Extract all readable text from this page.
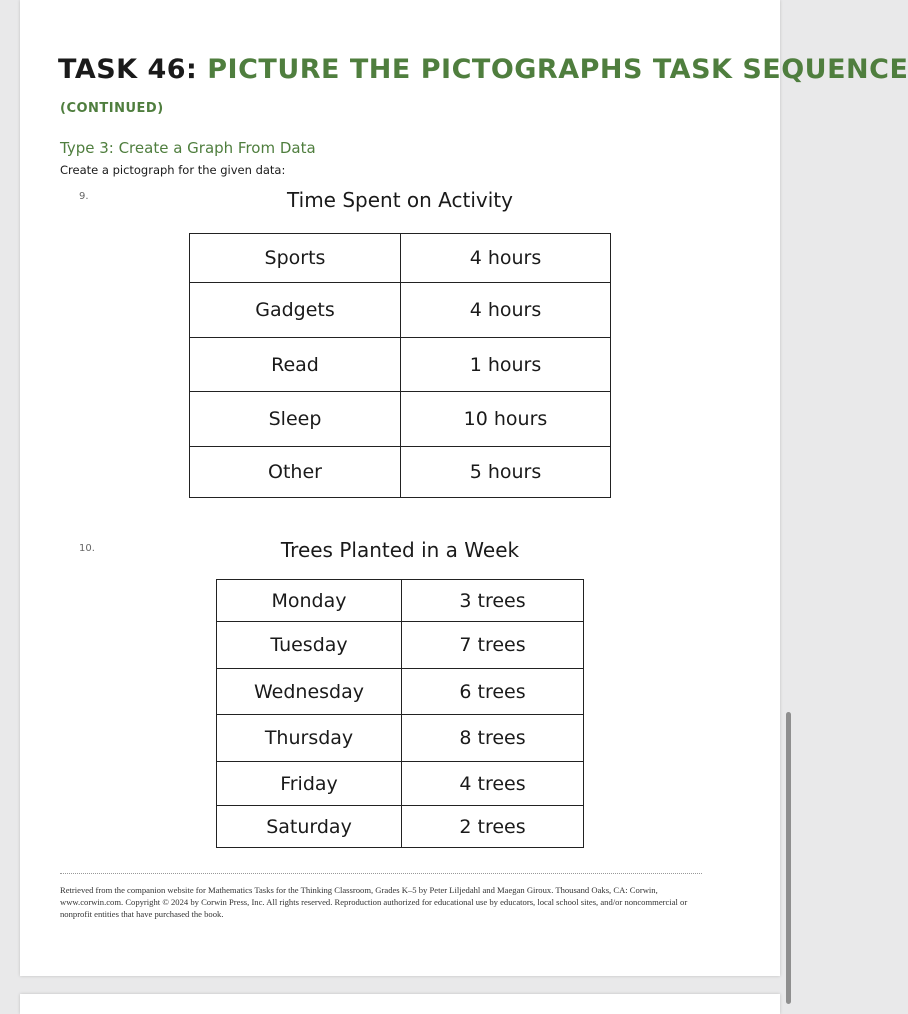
TASK 46: PICTURE THE PICTOGRAPHS TASK SEQUENCE
(CONTINUED)
Type 3: Create a Graph From Data
Create a pictograph for the given data:
9.	Time Spent on Activity
Sports	4 hours
Gadgets	4 hours
Read	1 hours
Sleep	10 hours
Other	5 hours
10.	Trees Planted in a Week
Monday	3 trees
Tuesday	7 trees
Wednesday	6 trees
Thursday	8 trees
Friday	4 trees
Saturday	2 trees
Retrieved from the companion website for Mathematics Tasks for the Thinking Classroom, Grades K–5 by Peter Liljedahl and Maegan Giroux. Thousand Oaks, CA: Corwin, www.corwin.com. Copyright © 2024 by Corwin Press, Inc. All rights reserved. Reproduction authorized for educational use by educators, local school sites, and/or noncommercial or nonprofit entities that have purchased the book.
